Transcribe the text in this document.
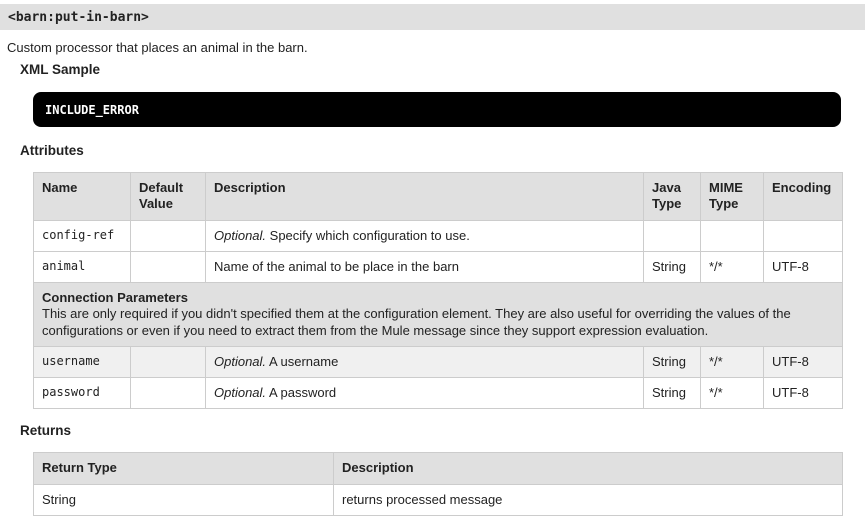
<barn:put-in-barn>
Custom processor that places an animal in the barn.
XML Sample
INCLUDE_ERROR
Attributes
Name	Default Value	Description	Java Type	MIME Type	Encoding
config-ref		Optional. Specify which configuration to use.			
animal		Name of the animal to be place in the barn	String	*/*	UTF-8

Connection Parameters
This are only required if you didn't specified them at the configuration element. They are also useful for overriding the values of the configurations or even if you need to extract them from the Mule message since they support expression evaluation.					

username		Optional. A username	String	*/*	UTF-8
password		Optional. A password	String	*/*	UTF-8
Returns
Return Type	Description
String	returns processed message
